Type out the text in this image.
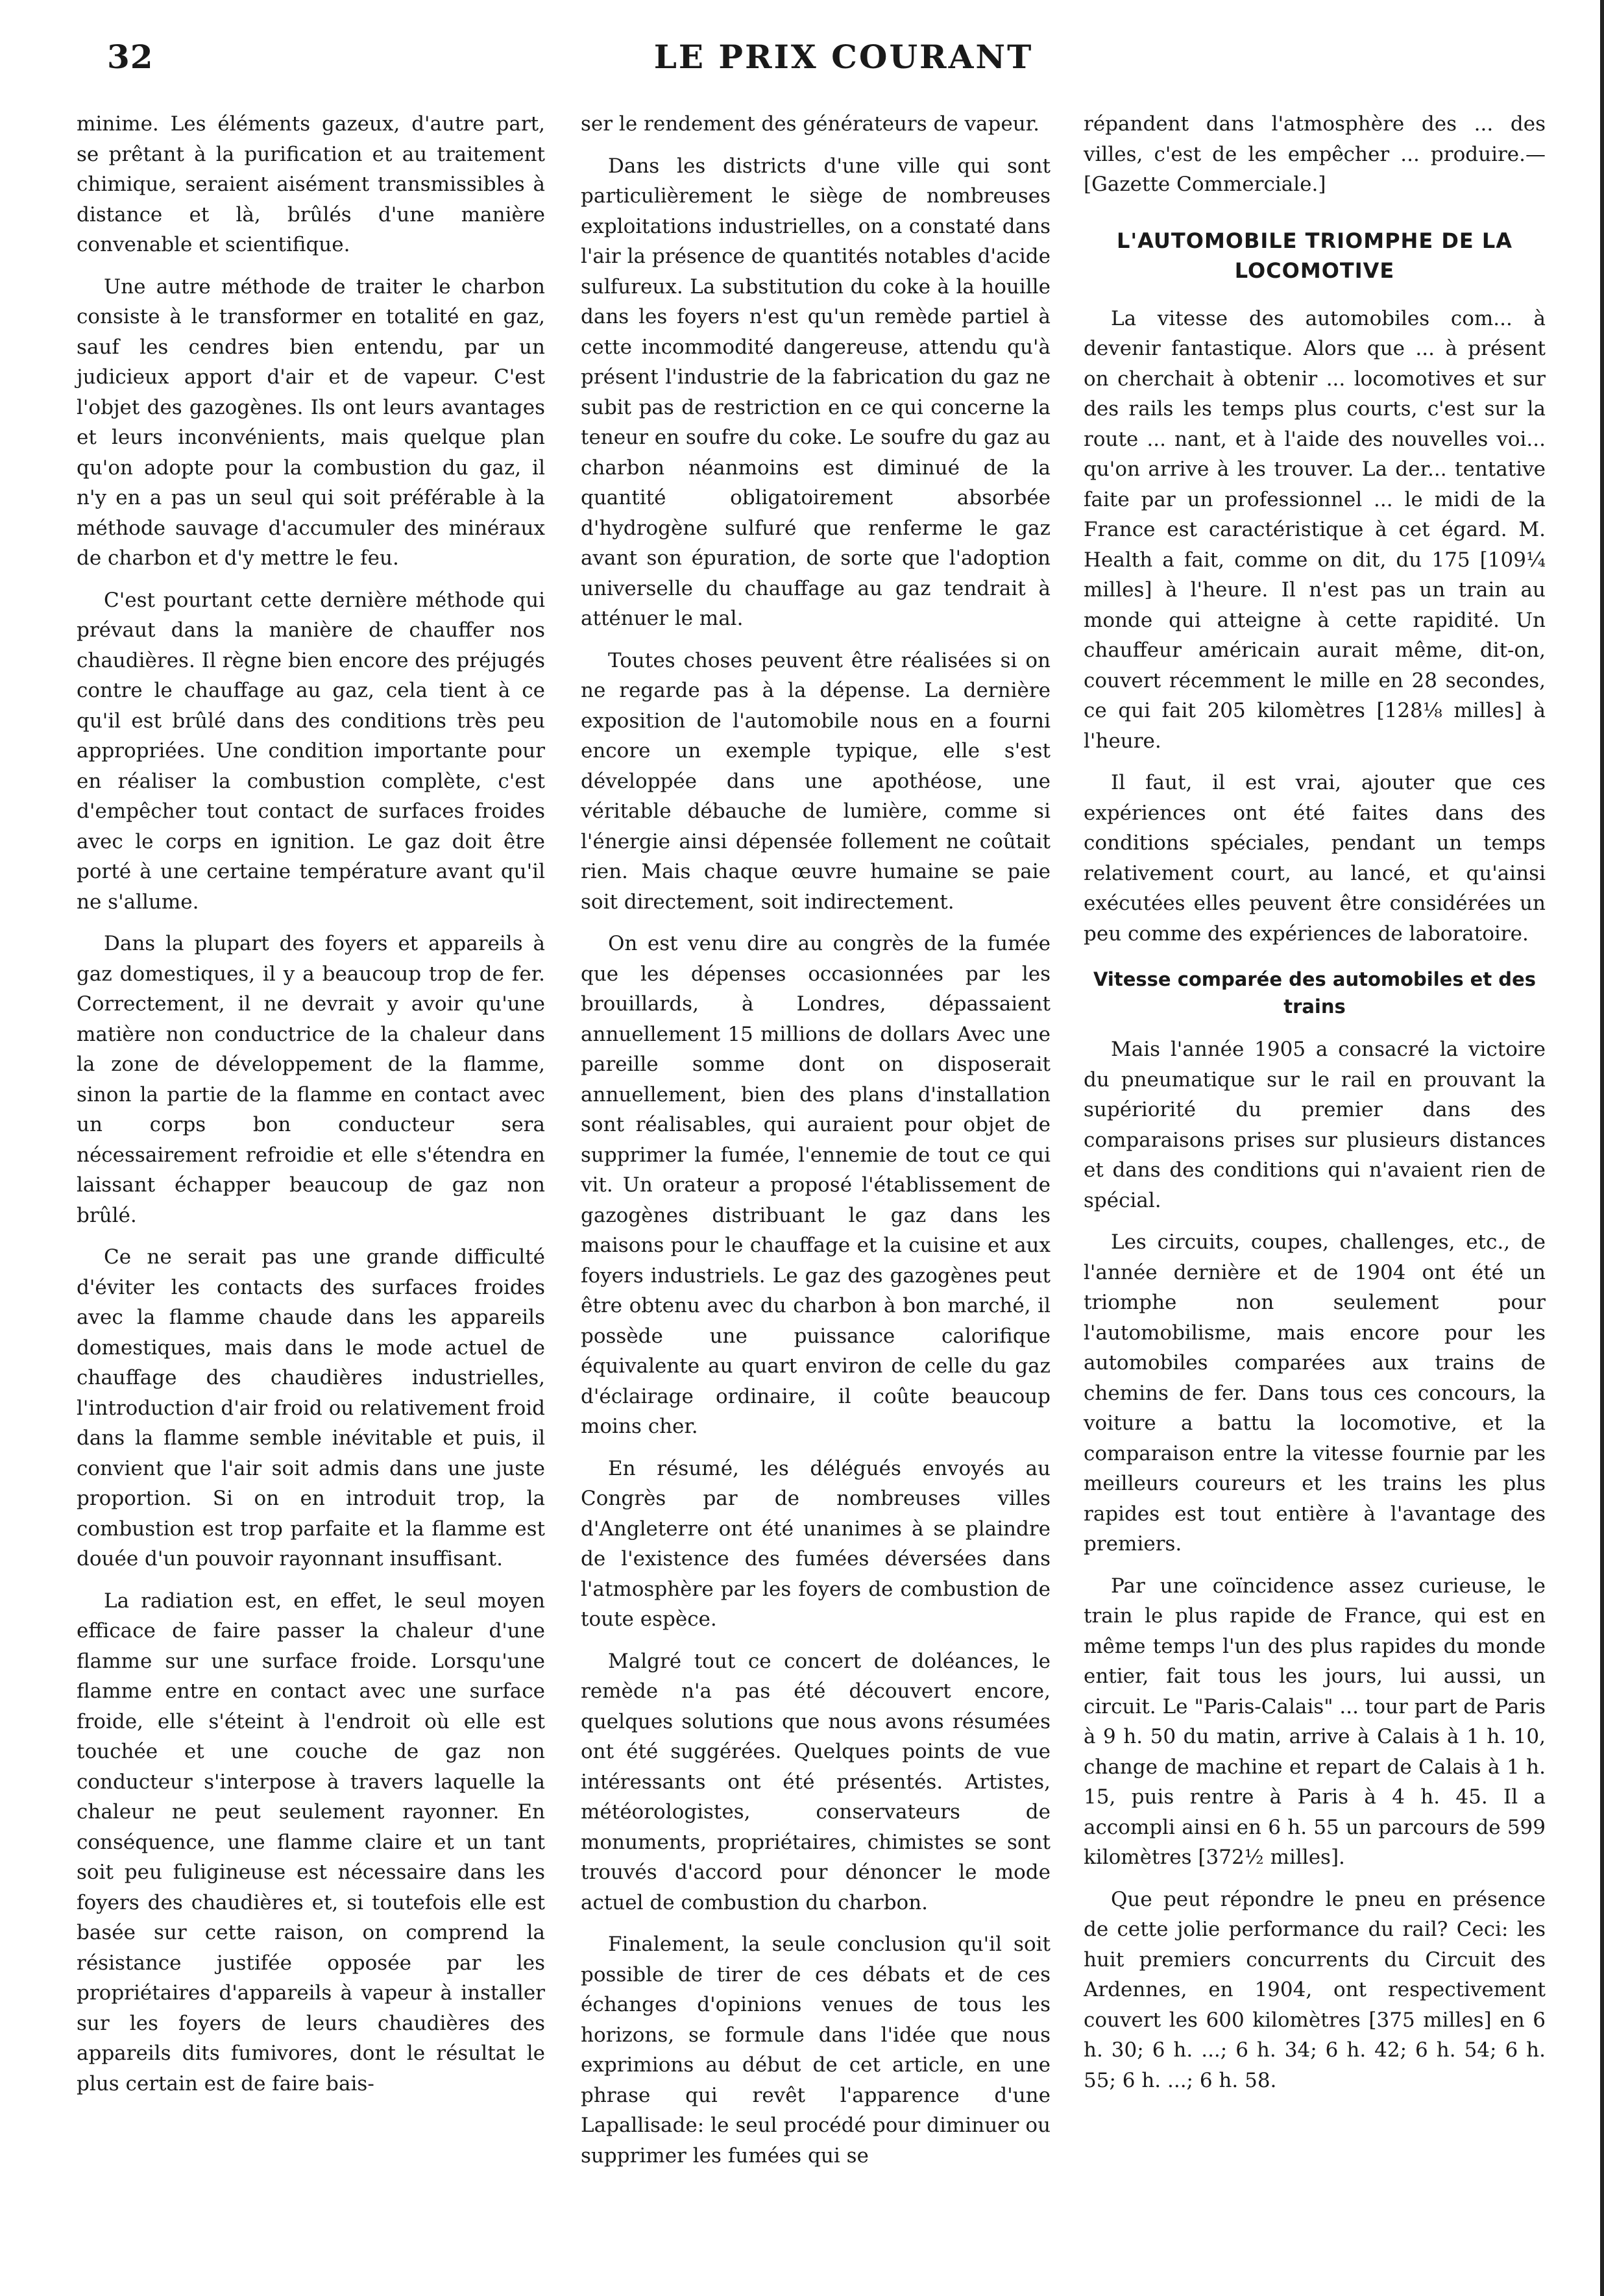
32	LE PRIX COURANT

minime. Les éléments gazeux, d'autre part, se prêtant à la purification et au traitement chimique, seraient aisément transmissibles à distance et là, brûlés d'une manière convenable et scientifique.

Une autre méthode de traiter le charbon consiste à le transformer en totalité en gaz, sauf les cendres bien entendu, par un judicieux apport d'air et de vapeur. C'est l'objet des gazogènes. Ils ont leurs avantages et leurs inconvénients, mais quelque plan qu'on adopte pour la combustion du gaz, il n'y en a pas un seul qui soit préférable à la méthode sauvage d'accumuler des minéraux de charbon et d'y mettre le feu.

C'est pourtant cette dernière méthode qui prévaut dans la manière de chauffer nos chaudières. Il règne bien encore des préjugés contre le chauffage au gaz, cela tient à ce qu'il est brûlé dans des conditions très peu appropriées. Une condition importante pour en réaliser la combustion complète, c'est d'empêcher tout contact de surfaces froides avec le corps en ignition. Le gaz doit être porté à une certaine température avant qu'il ne s'allume.

Dans la plupart des foyers et appareils à gaz domestiques, il y a beaucoup trop de fer. Correctement, il ne devrait y avoir qu'une matière non conductrice de la chaleur dans la zone de développement de la flamme, sinon la partie de la flamme en contact avec un corps bon conducteur sera nécessairement refroidie et elle s'étendra en laissant échapper beaucoup de gaz non brûlé.

Ce ne serait pas une grande difficulté d'éviter les contacts des surfaces froides avec la flamme chaude dans les appareils domestiques, mais dans le mode actuel de chauffage des chaudières industrielles, l'introduction d'air froid ou relativement froid dans la flamme semble inévitable et puis, il convient que l'air soit admis dans une juste proportion. Si on en introduit trop, la combustion est trop parfaite et la flamme est douée d'un pouvoir rayonnant insuffisant.

La radiation est, en effet, le seul moyen efficace de faire passer la chaleur d'une flamme sur une surface froide. Lorsqu'une flamme entre en contact avec une surface froide, elle s'éteint à l'endroit où elle est touchée et une couche de gaz non conducteur s'interpose à travers laquelle la chaleur ne peut seulement rayonner. En conséquence, une flamme claire et un tant soit peu fuligineuse est nécessaire dans les foyers des chaudières et, si toutefois elle est basée sur cette raison, on comprend la résistance justifée opposée par les propriétaires d'appareils à vapeur à installer sur les foyers de leurs chaudières des appareils dits fumivores, dont le résultat le plus certain est de faire bais-

ser le rendement des générateurs de vapeur.

Dans les districts d'une ville qui sont particulièrement le siège de nombreuses exploitations industrielles, on a constaté dans l'air la présence de quantités notables d'acide sulfureux. La substitution du coke à la houille dans les foyers n'est qu'un remède partiel à cette incommodité dangereuse, attendu qu'à présent l'industrie de la fabrication du gaz ne subit pas de restriction en ce qui concerne la teneur en soufre du coke. Le soufre du gaz au charbon néanmoins est diminué de la quantité obligatoirement absorbée d'hydrogène sulfuré que renferme le gaz avant son épuration, de sorte que l'adoption universelle du chauffage au gaz tendrait à atténuer le mal.

Toutes choses peuvent être réalisées si on ne regarde pas à la dépense. La dernière exposition de l'automobile nous en a fourni encore un exemple typique, elle s'est développée dans une apothéose, une véritable débauche de lumière, comme si l'énergie ainsi dépensée follement ne coûtait rien. Mais chaque œuvre humaine se paie soit directement, soit indirectement.

On est venu dire au congrès de la fumée que les dépenses occasionnées par les brouillards, à Londres, dépassaient annuellement 15 millions de dollars Avec une pareille somme dont on disposerait annuellement, bien des plans d'installation sont réalisables, qui auraient pour objet de supprimer la fumée, l'ennemie de tout ce qui vit. Un orateur a proposé l'établissement de gazogènes distribuant le gaz dans les maisons pour le chauffage et la cuisine et aux foyers industriels. Le gaz des gazogènes peut être obtenu avec du charbon à bon marché, il possède une puissance calorifique équivalente au quart environ de celle du gaz d'éclairage ordinaire, il coûte beaucoup moins cher.

En résumé, les délégués envoyés au Congrès par de nombreuses villes d'Angleterre ont été unanimes à se plaindre de l'existence des fumées déversées dans l'atmosphère par les foyers de combustion de toute espèce.

Malgré tout ce concert de doléances, le remède n'a pas été découvert encore, quelques solutions que nous avons résumées ont été suggérées. Quelques points de vue intéressants ont été présentés. Artistes, météorologistes, conservateurs de monuments, propriétaires, chimistes se sont trouvés d'accord pour dénoncer le mode actuel de combustion du charbon.

Finalement, la seule conclusion qu'il soit possible de tirer de ces débats et de ces échanges d'opinions venues de tous les horizons, se formule dans l'idée que nous exprimions au début de cet article, en une phrase qui revêt l'apparence d'une Lapallisade: le seul procédé pour diminuer ou supprimer les fumées qui se

répandent dans l'atmosphère des ... des villes, c'est de les empêcher ... produire.—[Gazette Commerciale.]

L'AUTOMOBILE TRIOMPHE DE LA LOCOMOTIVE

La vitesse des automobiles com... à devenir fantastique. Alors que ... à présent on cherchait à obtenir ... locomotives et sur des rails les temps plus courts, c'est sur la route ... nant, et à l'aide des nouvelles voi... qu'on arrive à les trouver. La der... tentative faite par un professionnel ... le midi de la France est caractéristique à cet égard. M. Health a fait, comme on dit, du 175 [109¼ milles] à l'heure. Il n'est pas un train au monde qui atteigne à cette rapidité. Un chauffeur américain aurait même, dit-on, couvert récemment le mille en 28 secondes, ce qui fait 205 kilomètres [128⅛ milles] à l'heure.

Il faut, il est vrai, ajouter que ces expériences ont été faites dans des conditions spéciales, pendant un temps relativement court, au lancé, et qu'ainsi exécutées elles peuvent être considérées un peu comme des expériences de laboratoire.

Vitesse comparée des automobiles et des trains

Mais l'année 1905 a consacré la victoire du pneumatique sur le rail en prouvant la supériorité du premier dans des comparaisons prises sur plusieurs distances et dans des conditions qui n'avaient rien de spécial.

Les circuits, coupes, challenges, etc., de l'année dernière et de 1904 ont été un triomphe non seulement pour l'automobilisme, mais encore pour les automobiles comparées aux trains de chemins de fer. Dans tous ces concours, la voiture a battu la locomotive, et la comparaison entre la vitesse fournie par les meilleurs coureurs et les trains les plus rapides est tout entière à l'avantage des premiers.

Par une coïncidence assez curieuse, le train le plus rapide de France, qui est en même temps l'un des plus rapides du monde entier, fait tous les jours, lui aussi, un circuit. Le "Paris-Calais" ... tour part de Paris à 9 h. 50 du matin, arrive à Calais à 1 h. 10, change de machine et repart de Calais à 1 h. 15, puis rentre à Paris à 4 h. 45. Il a accompli ainsi en 6 h. 55 un parcours de 599 kilomètres [372½ milles].

Que peut répondre le pneu en présence de cette jolie performance du rail? Ceci: les huit premiers concurrents du Circuit des Ardennes, en 1904, ont respectivement couvert les 600 kilomètres [375 milles] en 6 h. 30; 6 h. ...; 6 h. 34; 6 h. 42; 6 h. 54; 6 h. 55; 6 h. ...; 6 h. 58.
